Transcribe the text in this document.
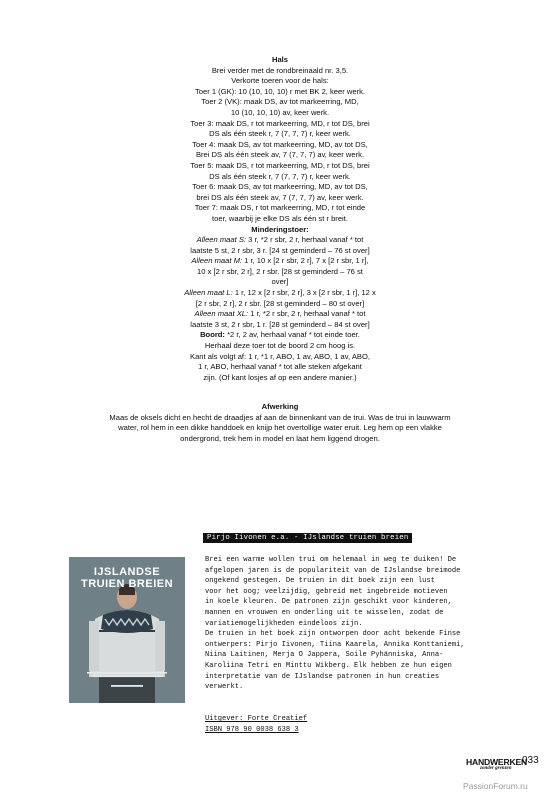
Hals

Brei verder met de rondbreinaald nr. 3,5.

Verkorte toeren voor de hals:

Toer 1 (GK): 10 (10, 10, 10) r met BK 2, keer werk.

Toer 2 (VK): maak DS, av tot markeerring, MD,

10 (10, 10, 10) av, keer werk.

Toer 3: maak DS, r tot markeerring, MD, r tot DS, brei

DS als één steek r, 7 (7, 7, 7) r, keer werk.

Toer 4: maak DS, av tot markeerring, MD, av tot DS,

Brei DS als één steek av, 7 (7, 7, 7) av, keer werk.

Toer 5: maak DS, r tot markeerring, MD, r tot DS, brei

DS als één steek r, 7 (7, 7, 7) r, keer werk.

Toer 6: maak DS, av tot markeerring, MD, av tot DS,

brei DS als één steek av, 7 (7, 7, 7) av, keer werk.

Toer 7: maak DS, r tot markeerring, MD, r tot einde

toer, waarbij je elke DS als één st r breit.

Minderingstoer:

Alleen maat S: 3 r, *2 r sbr, 2 r, herhaal vanaf * tot

laatste 5 st, 2 r sbr, 3 r. [24 st geminderd – 76 st over]

Alleen maat M: 1 r, 10 x [2 r sbr, 2 r], 7 x [2 r sbr, 1 r],

10 x [2 r sbr, 2 r], 2 r sbr. [28 st geminderd – 76 st

over]

Alleen maat L: 1 r, 12 x [2 r sbr, 2 r], 3 x [2 r sbr, 1 r], 12 x

[2 r sbr, 2 r], 2 r sbr. [28 st geminderd – 80 st over]

Alleen maat XL: 1 r, *2 r sbr, 2 r, herhaal vanaf * tot

laatste 3 st, 2 r sbr, 1 r. [28 st geminderd – 84 st over]

Boord: *2 r, 2 av, herhaal vanaf * tot einde toer.

Herhaal deze toer tot de boord 2 cm hoog is.

Kant als volgt af: 1 r, *1 r, ABO, 1 av, ABO, 1 av, ABO,

1 r, ABO, herhaal vanaf * tot alle steken afgekant

zijn. (Of kant losjes af op een andere manier.)

Afwerking

Maas de oksels dicht en hecht de draadjes af aan de binnenkant van de trui. Was de trui in lauwwarm

water, rol hem in een dikke handdoek en knijp het overtollige water eruit. Leg hem op een vlakke

ondergrond, trek hem in model en laat hem liggend drogen.

Pirjo Iivonen e.a. - IJslandse truien breien
IJSLANDSE
TRUIEN BREIEN

Brei een warme wollen trui om helemaal in weg te duiken! De

afgelopen jaren is de populariteit van de IJslandse breimode

ongekend gestegen. De truien in dit boek zijn een lust

voor het oog; veelzijdig, gebreid met ingebreide motieven

in koele kleuren. De patronen zijn geschikt voor kinderen,

mannen en vrouwen en onderling uit te wisselen, zodat de

variatiemogelijkheden eindeloos zijn.

De truien in het boek zijn ontworpen door acht bekende Finse

ontwerpers: Pirjo Iivonen, Tiina Kaarela, Annika Konttaniemi,

Niina Laitinen, Merja O Jappera, Soile Pyhänniska, Anna-

Karoliina Tetri en Minttu Wikberg. Elk hebben ze hun eigen

interpretatie van de IJslandse patronen in hun creaties

verwerkt.

Uitgever: Forte Creatief

ISBN 978 90 0038 638 3

HANDWERKEN
zonder grenzen
033
PassionForum.ru
